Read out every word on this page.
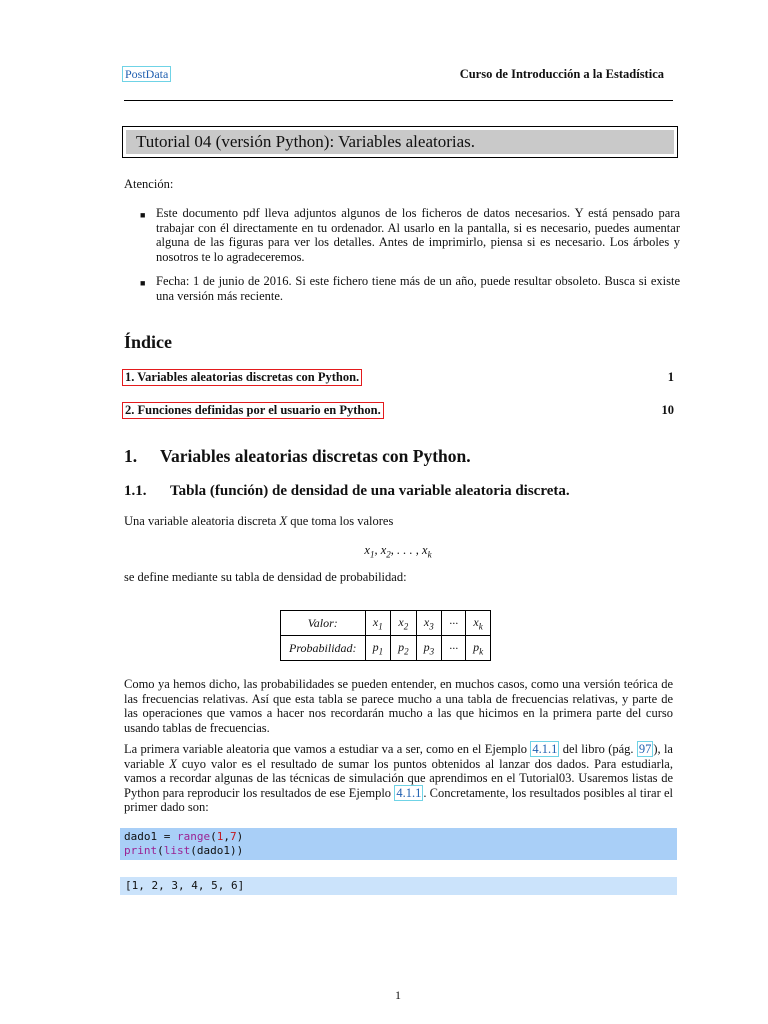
PostData	Curso de Introducción a la Estadística
Tutorial 04 (versión Python): Variables aleatorias.
Atención:
■ Este documento pdf lleva adjuntos algunos de los ficheros de datos necesarios. Y está pensado para trabajar con él directamente en tu ordenador. Al usarlo en la pantalla, si es necesario, puedes aumentar alguna de las figuras para ver los detalles. Antes de imprimirlo, piensa si es necesario. Los árboles y nosotros te lo agradeceremos.
■ Fecha: 1 de junio de 2016. Si este fichero tiene más de un año, puede resultar obsoleto. Busca si existe una versión más reciente.
Índice
1. Variables aleatorias discretas con Python.	1
2. Funciones definidas por el usuario en Python.	10
1. Variables aleatorias discretas con Python.
1.1. Tabla (función) de densidad de una variable aleatoria discreta.
Una variable aleatoria discreta X que toma los valores
$x_1$, $x_2$, . . . , $x_k$
se define mediante su tabla de densidad de probabilidad:
Valor:	$x_1$	$x_2$	$x_3$	···	$x_k$
Probabilidad:	$p_1$	$p_2$	$p_3$	···	$p_k$
Como ya hemos dicho, las probabilidades se pueden entender, en muchos casos, como una versión teórica de las frecuencias relativas. Así que esta tabla se parece mucho a una tabla de frecuencias relativas, y parte de las operaciones que vamos a hacer nos recordarán mucho a las que hicimos en la primera parte del curso usando tablas de frecuencias.
La primera variable aleatoria que vamos a estudiar va a ser, como en el Ejemplo 4.1.1 del libro (pág. 97 ), la variable X cuyo valor es el resultado de sumar los puntos obtenidos al lanzar dos dados. Para estudiarla, vamos a recordar algunas de las técnicas de simulación que aprendimos en el Tutorial03. Usaremos listas de Python para reproducir los resultados de ese Ejemplo 4.1.1 . Concretamente, los resultados posibles al tirar el primer dado son:
dado1 = range(1,7)
print(list(dado1))
[1, 2, 3, 4, 5, 6]
1
